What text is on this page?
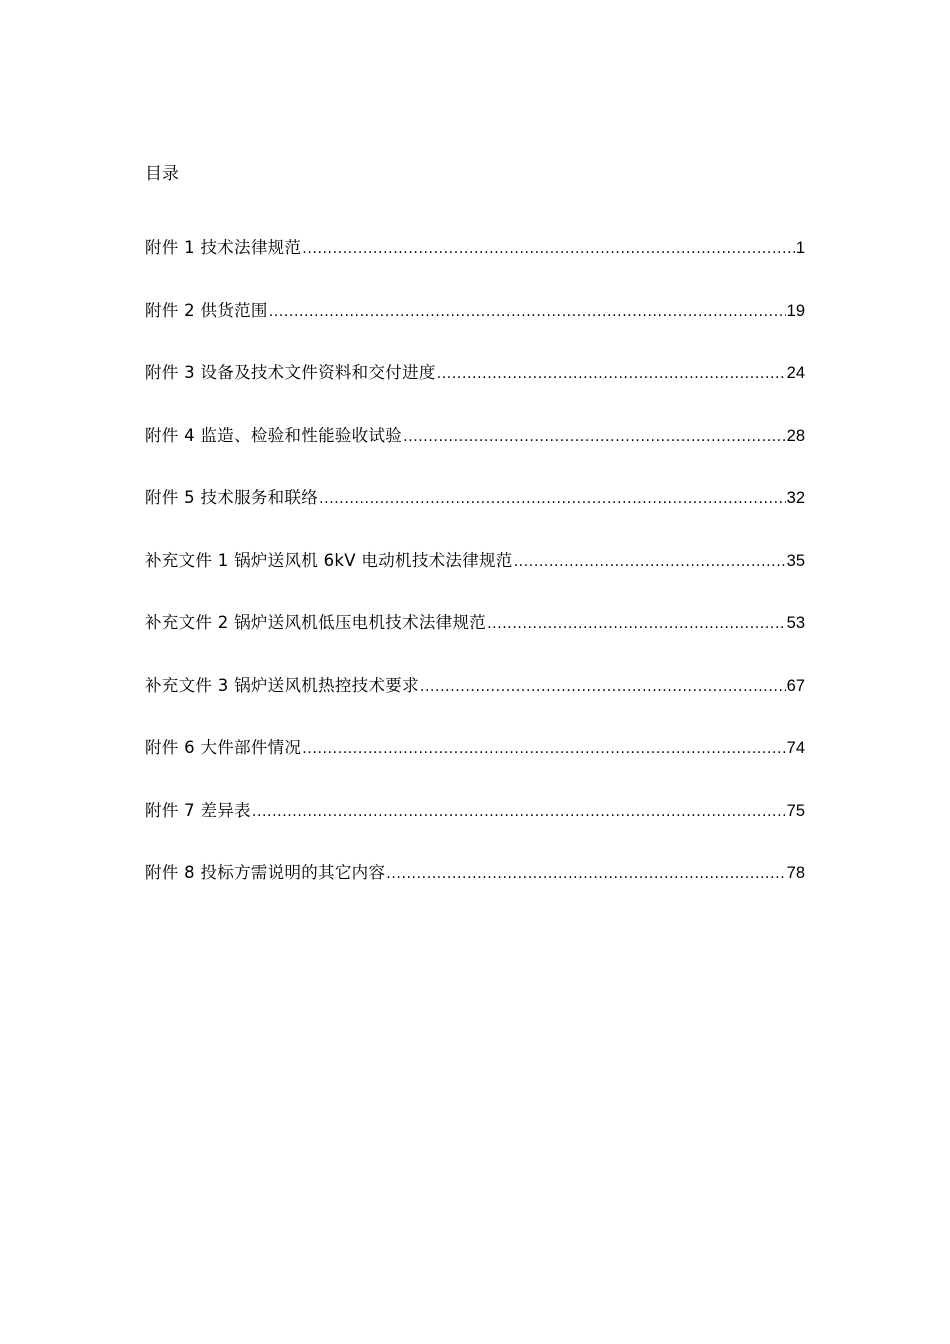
目录
附件 1 技术法律规范 .....	1
附件 2 供货范围 .....	19
附件 3 设备及技术文件资料和交付进度 .....	24
附件 4 监造、检验和性能验收试验 .....	28
附件 5 技术服务和联络 .....	32
补充文件 1 锅炉送风机 6kV 电动机技术法律规范 .....	35
补充文件 2 锅炉送风机低压电机技术法律规范 .....	53
补充文件 3 锅炉送风机热控技术要求 .....	67
附件 6 大件部件情况 .....	74
附件 7 差异表 .....	75
附件 8 投标方需说明的其它内容 .....	78
